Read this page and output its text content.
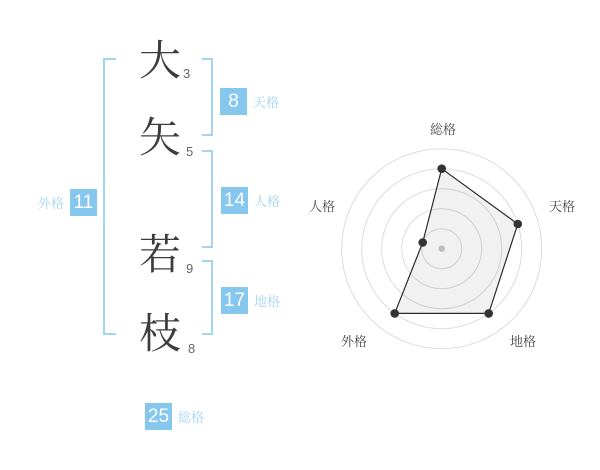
大
矢
若
枝
3
5
9
8
8	天格
14 人格
17 地格
外格 11
25 総格
総格
天格
地格
外格
人格
